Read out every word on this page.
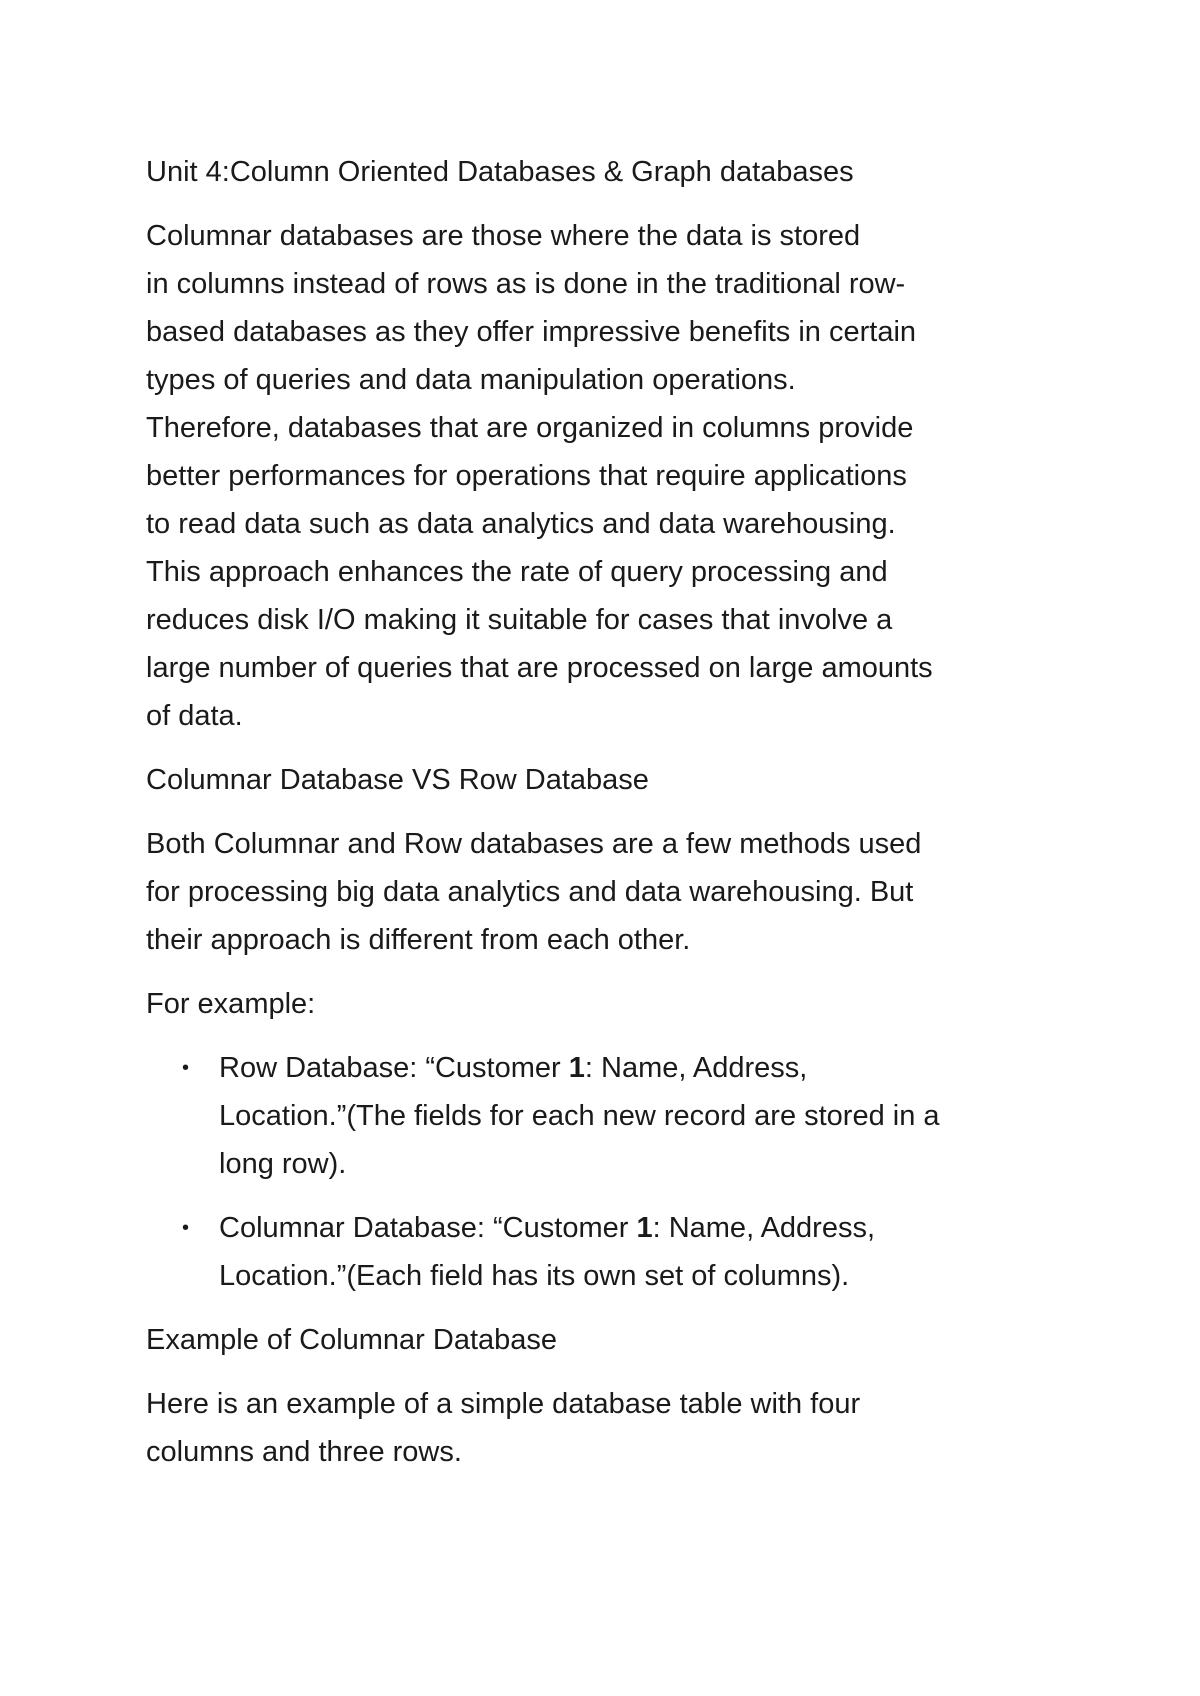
Unit 4:Column Oriented Databases & Graph databases

Columnar databases are those where the data is stored
in columns instead of rows as is done in the traditional row-
based databases as they offer impressive benefits in certain
types of queries and data manipulation operations.
Therefore, databases that are organized in columns provide
better performances for operations that require applications
to read data such as data analytics and data warehousing.
This approach enhances the rate of query processing and
reduces disk I/O making it suitable for cases that involve a
large number of queries that are processed on large amounts
of data.

Columnar Database VS Row Database

Both Columnar and Row databases are a few methods used
for processing big data analytics and data warehousing. But
their approach is different from each other.

For example:

• Row Database: “Customer 1: Name, Address,
Location.”(The fields for each new record are stored in a
long row).
• Columnar Database: “Customer 1: Name, Address,
Location.”(Each field has its own set of columns).

Example of Columnar Database

Here is an example of a simple database table with four
columns and three rows.
